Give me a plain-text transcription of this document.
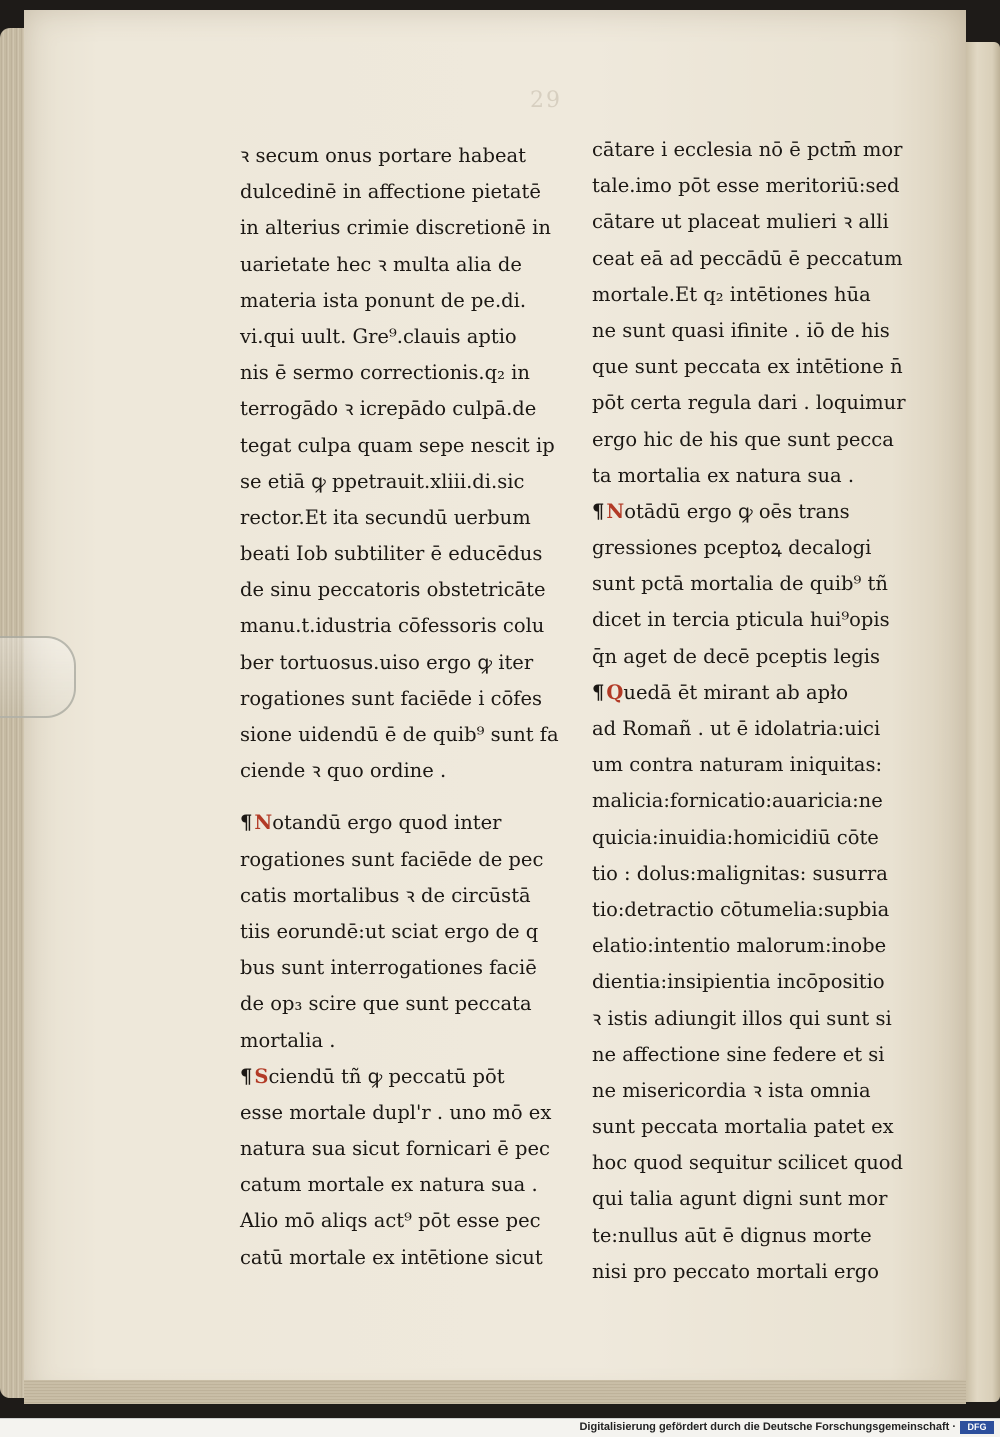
29
ꝛ secum onus portare habeat
dulcedinē in affectione pietatē
in alterius crimie discretionē in
uarietate hec ꝛ multa alia de
materia ista ponunt de pe.di.
vi.qui uult. Gre⁹.clauis aptio
nis ē sermo correctionis.q₂ in
terrogādo ꝛ icrepādo culpā.de
tegat culpa quam sepe nescit ip
se etiā ꝙ ppetrauit.xliii.di.sic
rector.Et ita secundū uerbum
beati Iob subtiliter ē educēdus
de sinu peccatoris obstetricāte
manu.t.idustria cōfessoris colu
ber tortuosus.uiso ergo ꝙ iter
rogationes sunt faciēde i cōfes
sione uidendū ē de quib⁹ sunt fa
ciende ꝛ quo ordine .
¶ Notandū ergo quod inter
rogationes sunt faciēde de pec
catis mortalibus ꝛ de circūstā
tiis eorundē:ut sciat ergo de q
bus sunt interrogationes faciē
de op₃ scire que sunt peccata
mortalia .
¶ Sciendū tñ ꝙ peccatū pōt
esse mortale dupl'r . uno mō ex
natura sua sicut fornicari ē pec
catum mortale ex natura sua .
Alio mō aliqs act⁹ pōt esse pec
catū mortale ex intētione sicut
cātare i ecclesia nō ē pctm̄ mor
tale.imo pōt esse meritoriū:sed
cātare ut placeat mulieri ꝛ alli
ceat eā ad peccādū ē peccatum
mortale.Et q₂ intētiones hūa
ne sunt quasi ifinite . iō de his
que sunt peccata ex intētione n̄
pōt certa regula dari . loquimur
ergo hic de his que sunt pecca
ta mortalia ex natura sua .
¶ Notādū ergo ꝙ oēs trans
gressiones pceptoꝝ decalogi
sunt pctā mortalia de quib⁹ tñ
dicet in tercia pticula hui⁹opis
q̄n aget de decē pceptis legis
¶ Quedā ēt mirant ab apło
ad Romañ . ut ē idolatria:uici
um contra naturam iniquitas:
malicia:fornicatio:auaricia:ne
quicia:inuidia:homicidiū cōte
tio : dolus:malignitas: susurra
tio:detractio cōtumelia:supbia
elatio:intentio malorum:inobe
dientia:insipientia incōpositio
ꝛ istis adiungit illos qui sunt si
ne affectione sine federe et si
ne misericordia ꝛ ista omnia
sunt peccata mortalia patet ex
hoc quod sequitur scilicet quod
qui talia agunt digni sunt mor
te:nullus aūt ē dignus morte
nisi pro peccato mortali ergo
Digitalisierung gefördert durch die Deutsche Forschungsgemeinschaft ·	DFG
